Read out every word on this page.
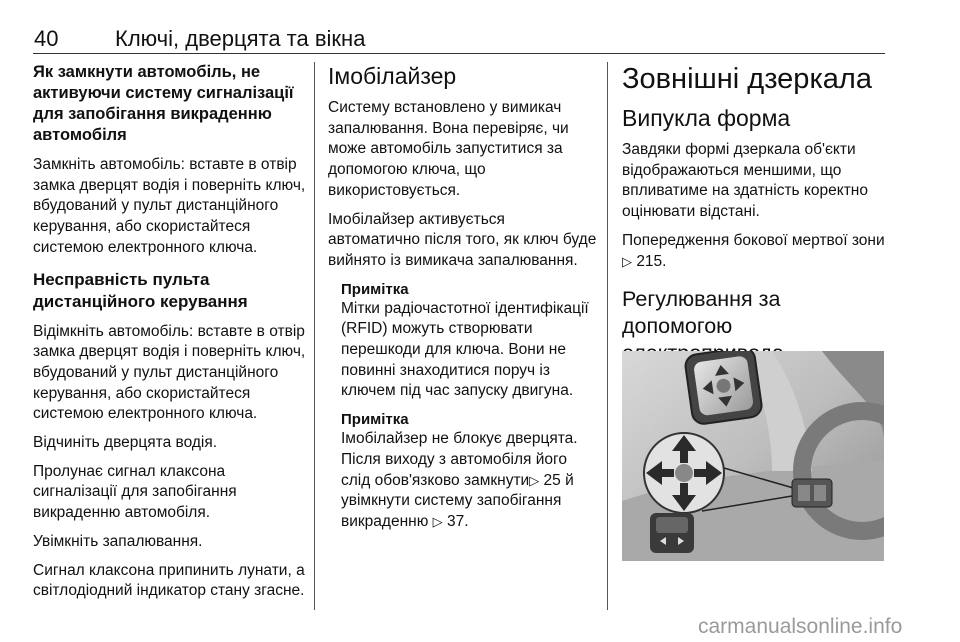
40	Ключі, дверцята та вікна
Як замкнути автомобіль, не активуючи систему сигналізації для запобігання викраденню автомобіля
Замкніть автомобіль: вставте в отвір замка дверцят водія і поверніть ключ, вбудований у пульт дистанційного керування, або скористайтеся системою електронного ключа.
Несправність пульта дистанційного керування
Відімкніть автомобіль: вставте в отвір замка дверцят водія і поверніть ключ, вбудований у пульт дистанційного керування, або скористайтеся системою електронного ключа.
Відчиніть дверцята водія.
Пролунає сигнал клаксона сигналізації для запобігання викраденню автомобіля.
Увімкніть запалювання.
Сигнал клаксона припинить лунати, а світлодіодний індикатор стану згасне.
Імобілайзер
Систему встановлено у вимикач запалювання. Вона перевіряє, чи може автомобіль запуститися за допомогою ключа, що використовується.
Імобілайзер активується автоматично після того, як ключ буде вийнято із вимикача запалювання.
Примітка
Мітки радіочастотної ідентифікації (RFID) можуть створювати перешкоди для ключа. Вони не повинні знаходитися поруч із ключем під час запуску двигуна.
Примітка
Імобілайзер не блокує дверцята. Після виходу з автомобіля його слід обов'язково замкнути▷ 25 й увімкнути систему запобігання викраденню ▷ 37.
Зовнішні дзеркала
Випукла форма
Завдяки формі дзеркала об'єкти відображаються меншими, що впливатиме на здатність коректно оцінювати відстані.
Попередження бокової мертвої зони ▷ 215.
Регулювання за допомогою
carmanualsonline.info
